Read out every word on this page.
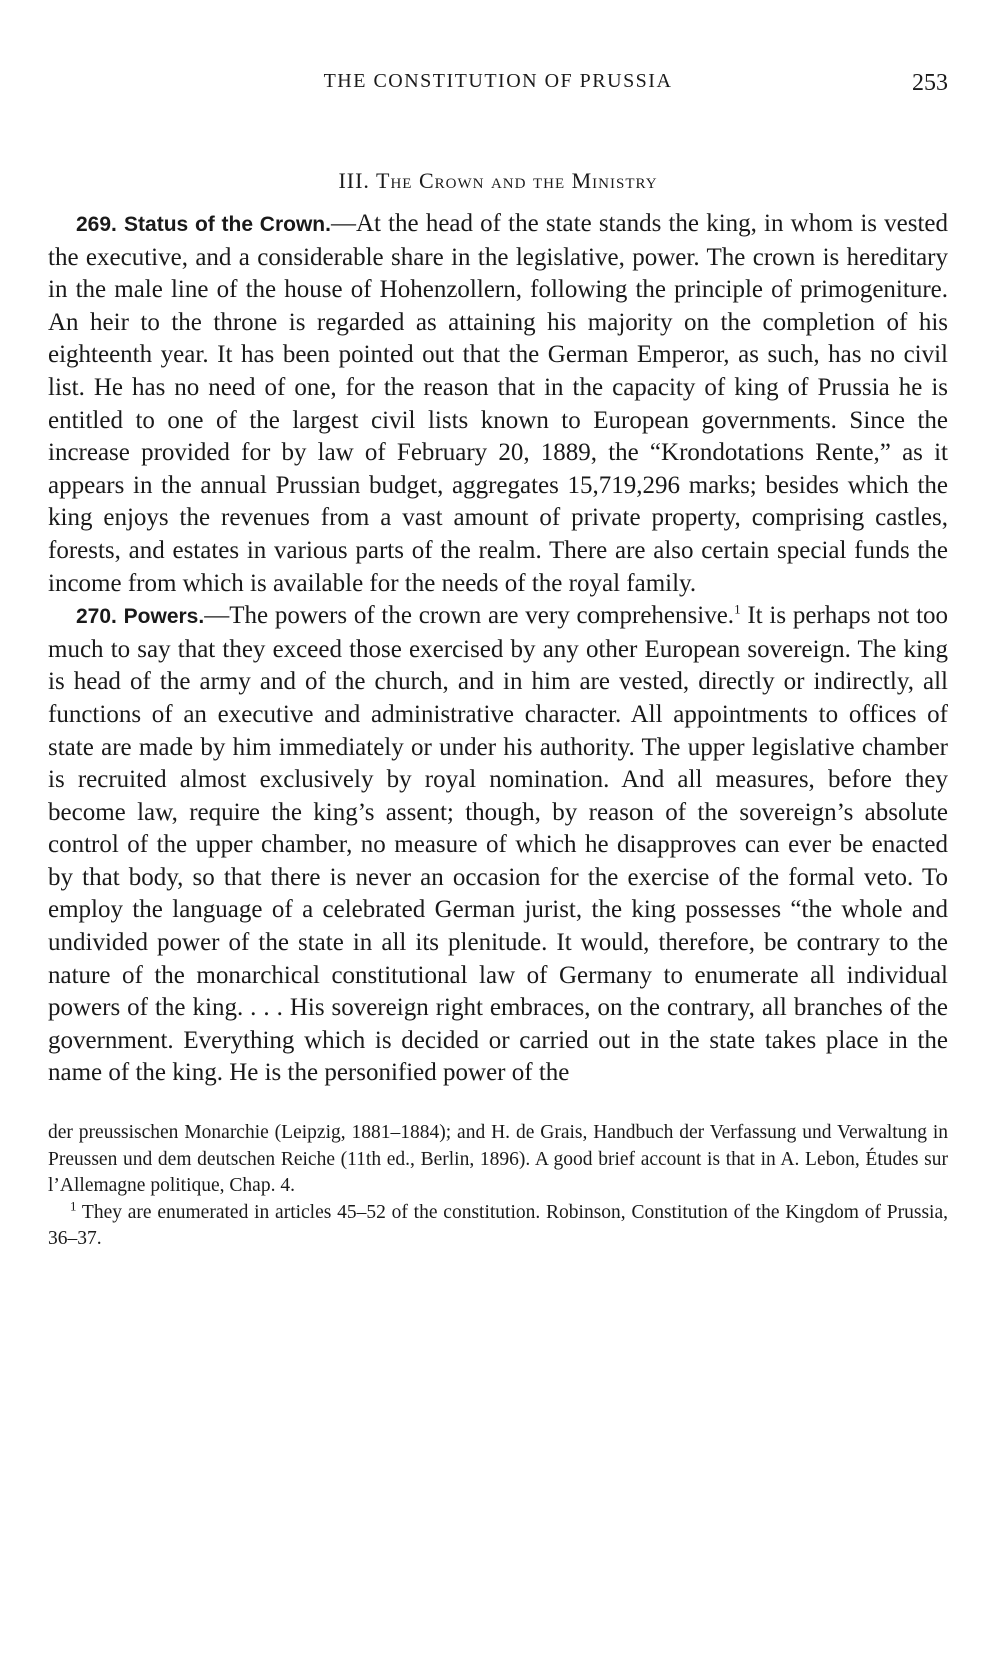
THE CONSTITUTION OF PRUSSIA	253
III. The Crown and the Ministry

269. Status of the Crown.—At the head of the state stands the king, in whom is vested the executive, and a considerable share in the legislative, power. The crown is hereditary in the male line of the house of Hohenzollern, following the principle of primogeniture. An heir to the throne is regarded as attaining his majority on the completion of his eighteenth year. It has been pointed out that the German Emperor, as such, has no civil list. He has no need of one, for the reason that in the capacity of king of Prussia he is entitled to one of the largest civil lists known to European governments. Since the increase provided for by law of February 20, 1889, the “Krondotations Rente,” as it appears in the annual Prussian budget, aggregates 15,719,296 marks; besides which the king enjoys the revenues from a vast amount of private property, comprising castles, forests, and estates in various parts of the realm. There are also certain special funds the income from which is available for the needs of the royal family.

270. Powers.—The powers of the crown are very comprehensive.$^1$ It is perhaps not too much to say that they exceed those exercised by any other European sovereign. The king is head of the army and of the church, and in him are vested, directly or indirectly, all functions of an executive and administrative character. All appointments to offices of state are made by him immediately or under his authority. The upper legislative chamber is recruited almost exclusively by royal nomination. And all measures, before they become law, require the king’s assent; though, by reason of the sovereign’s absolute control of the upper chamber, no measure of which he disapproves can ever be enacted by that body, so that there is never an occasion for the exercise of the formal veto. To employ the language of a celebrated German jurist, the king possesses “the whole and undivided power of the state in all its plenitude. It would, therefore, be contrary to the nature of the monarchical constitutional law of Germany to enumerate all individual powers of the king. . . . His sovereign right embraces, on the contrary, all branches of the government. Everything which is decided or carried out in the state takes place in the name of the king. He is the personified power of the

der preussischen Monarchie (Leipzig, 1881–1884); and H. de Grais, Handbuch der Verfassung und Verwaltung in Preussen und dem deutschen Reiche (11th ed., Berlin, 1896). A good brief account is that in A. Lebon, Études sur l’Allemagne politique, Chap. 4.

$^1$ They are enumerated in articles 45–52 of the constitution. Robinson, Constitution of the Kingdom of Prussia, 36–37.
